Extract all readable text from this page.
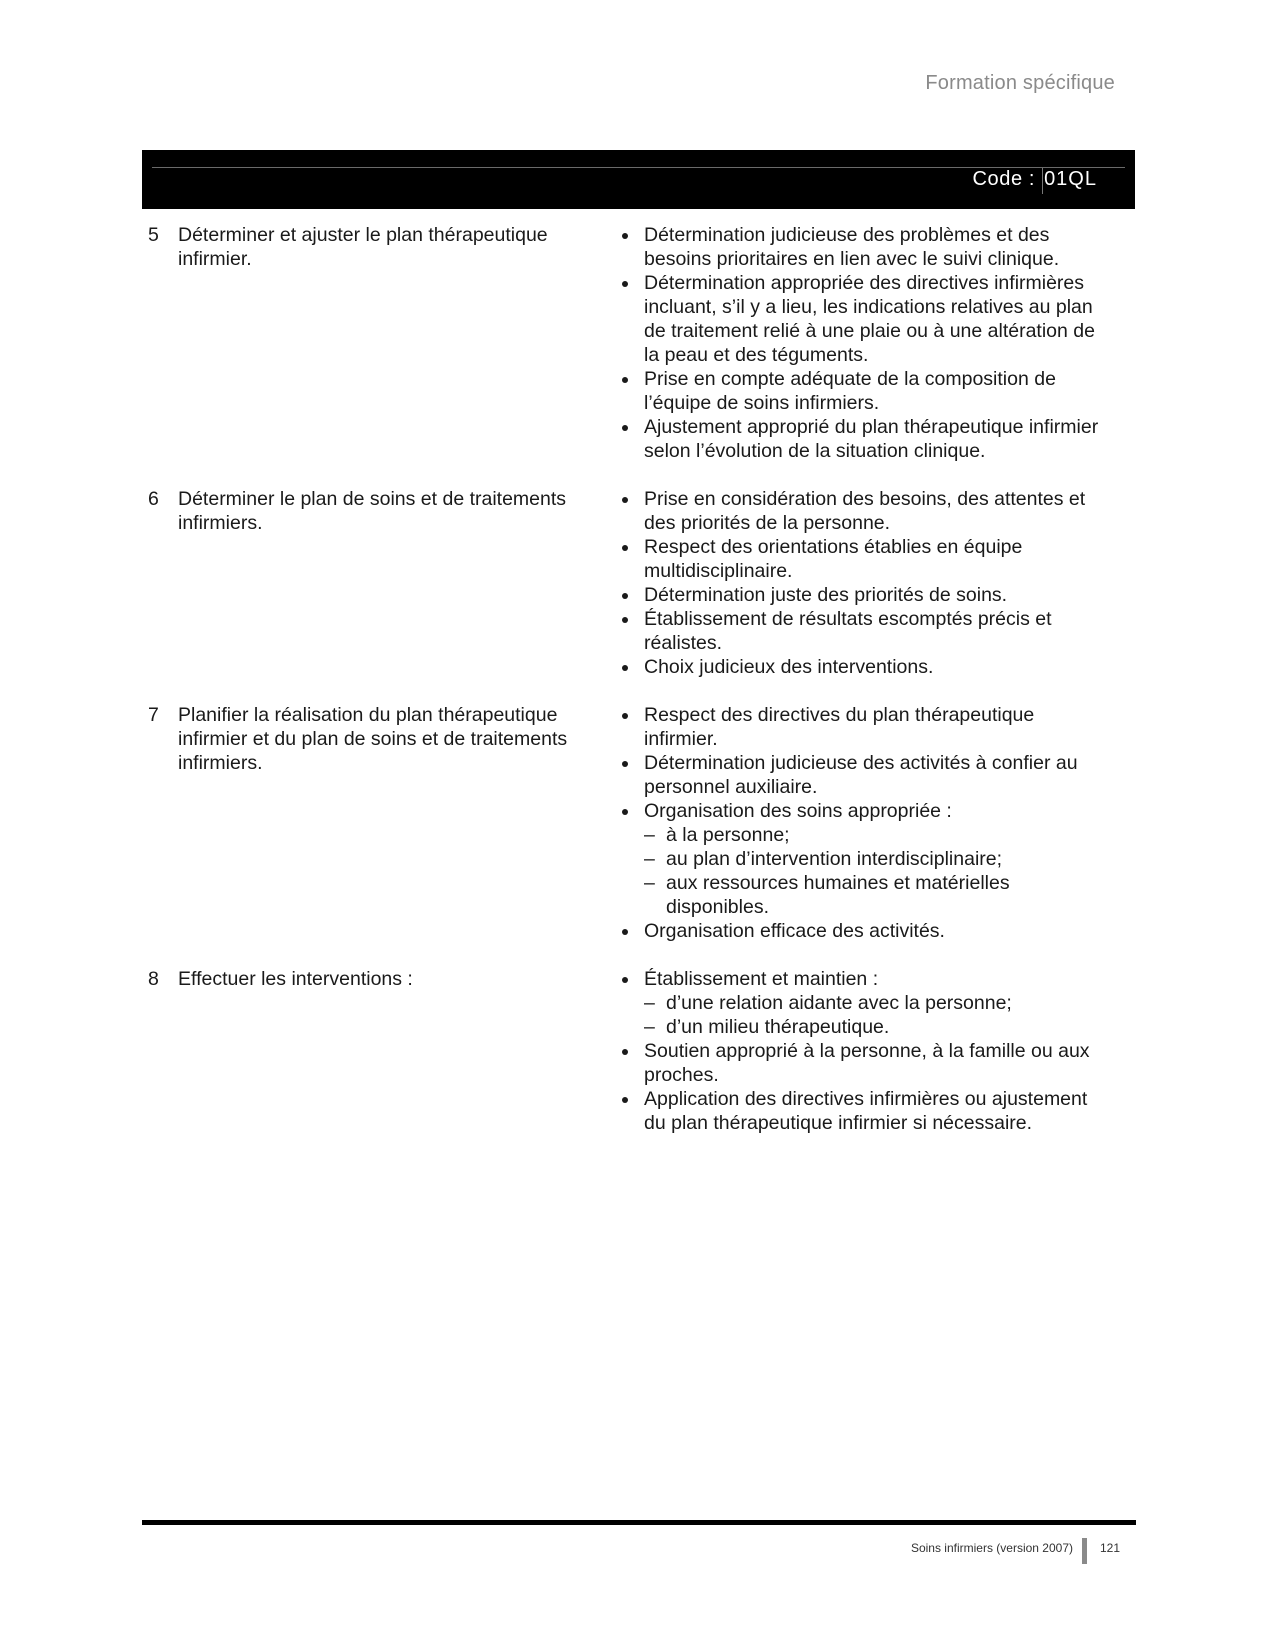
Formation spécifique
Code : 01QL
5 Déterminer et ajuster le plan thérapeutique infirmier.
Détermination judicieuse des problèmes et des besoins prioritaires en lien avec le suivi clinique.
Détermination appropriée des directives infirmières incluant, s’il y a lieu, les indications relatives au plan de traitement relié à une plaie ou à une altération de la peau et des téguments.
Prise en compte adéquate de la composition de l’équipe de soins infirmiers.
Ajustement approprié du plan thérapeutique infirmier selon l’évolution de la situation clinique.
6 Déterminer le plan de soins et de traitements infirmiers.
Prise en considération des besoins, des attentes et des priorités de la personne.
Respect des orientations établies en équipe multidisciplinaire.
Détermination juste des priorités de soins.
Établissement de résultats escomptés précis et réalistes.
Choix judicieux des interventions.
7 Planifier la réalisation du plan thérapeutique infirmier et du plan de soins et de traitements infirmiers.
Respect des directives du plan thérapeutique infirmier.
Détermination judicieuse des activités à confier au personnel auxiliaire.
Organisation des soins appropriée :
– à la personne;
– au plan d’intervention interdisciplinaire;
– aux ressources humaines et matérielles disponibles.
Organisation efficace des activités.
8 Effectuer les interventions :	Établissement et maintien :
– d’une relation aidante avec la personne;
– d’un milieu thérapeutique.
Soutien approprié à la personne, à la famille ou aux proches.
Application des directives infirmières ou ajustement du plan thérapeutique infirmier si nécessaire.
Soins infirmiers (version 2007) 121
